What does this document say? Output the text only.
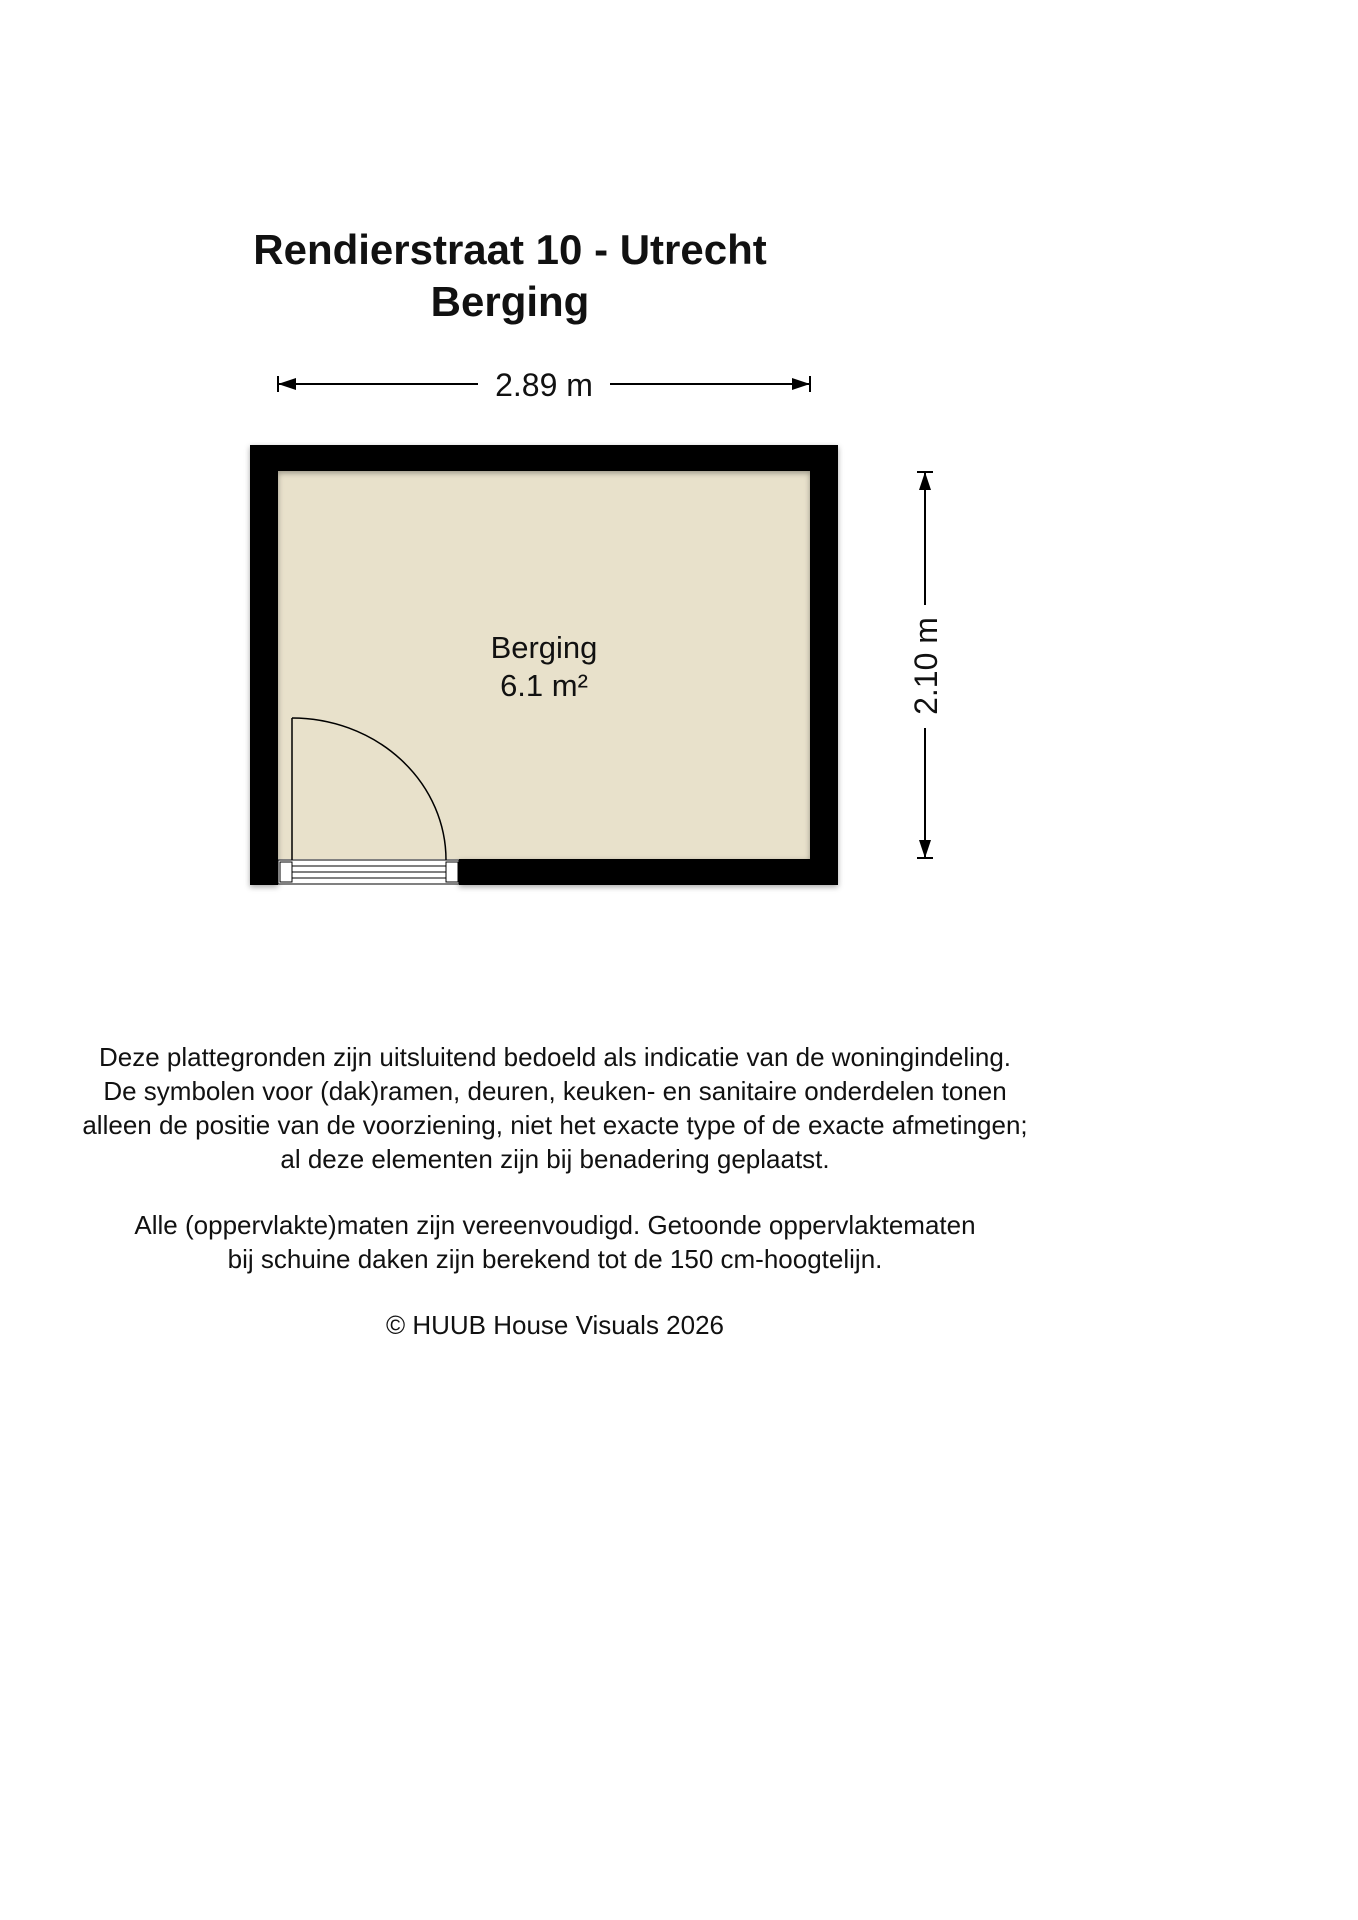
Rendierstraat 10 - Utrecht
Berging
2.89 m
2.10 m
Berging
6.1 m²

Deze plattegronden zijn uitsluitend bedoeld als indicatie van de woningindeling.
De symbolen voor (dak)ramen, deuren, keuken- en sanitaire onderdelen tonen
alleen de positie van de voorziening, niet het exacte type of de exacte afmetingen;
al deze elementen zijn bij benadering geplaatst.

Alle (oppervlakte)maten zijn vereenvoudigd. Getoonde oppervlaktematen
bij schuine daken zijn berekend tot de 150 cm-hoogtelijn.

© HUUB House Visuals 2026
